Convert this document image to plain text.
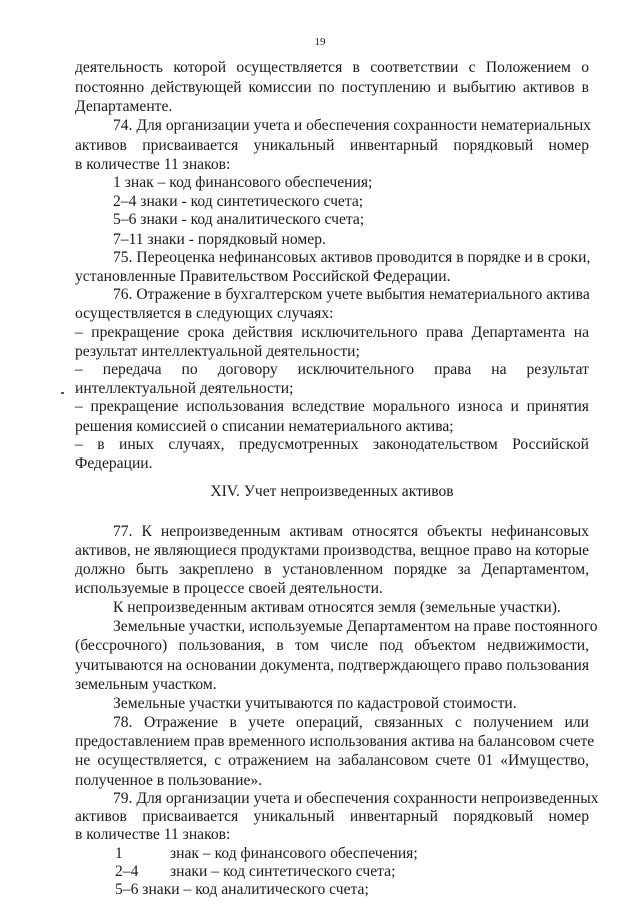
19
деятельность которой осуществляется в соответствии с Положением о
постоянно действующей комиссии по поступлению и выбытию активов в
Департаменте.
74. Для организации учета и обеспечения сохранности нематериальных
активов присваивается уникальный инвентарный порядковый номер
в количестве 11 знаков:
1 знак – код финансового обеспечения;
2–4 знаки - код синтетического счета;
5–6 знаки - код аналитического счета;
7–11 знаки - порядковый номер.
75. Переоценка нефинансовых активов проводится в порядке и в сроки,
установленные Правительством Российской Федерации.
76. Отражение в бухгалтерском учете выбытия нематериального актива
осуществляется в следующих случаях:
– прекращение срока действия исключительного права Департамента на
результат интеллектуальной деятельности;
– передача по договору исключительного права на результат
интеллектуальной деятельности;
– прекращение использования вследствие морального износа и принятия
решения комиссией о списании нематериального актива;
– в иных случаях, предусмотренных законодательством Российской
Федерации.
XIV. Учет непроизведенных активов
77. К непроизведенным активам относятся объекты нефинансовых
активов, не являющиеся продуктами производства, вещное право на которые
должно быть закреплено в установленном порядке за Департаментом,
используемые в процессе своей деятельности.
К непроизведенным активам относятся земля (земельные участки).
Земельные участки, используемые Департаментом на праве постоянного
(бессрочного) пользования, в том числе под объектом недвижимости,
учитываются на основании документа, подтверждающего право пользования
земельным участком.
Земельные участки учитываются по кадастровой стоимости.
78. Отражение в учете операций, связанных с получением или
предоставлением прав временного использования актива на балансовом счете
не осуществляется, с отражением на забалансовом счете 01 «Имущество,
полученное в пользование».
79. Для организации учета и обеспечения сохранности непроизведенных
активов присваивается уникальный инвентарный порядковый номер
в количестве 11 знаков:
1	знак – код финансового обеспечения;
2–4 знаки – код синтетического счета;
5–6 знаки – код аналитического счета;
